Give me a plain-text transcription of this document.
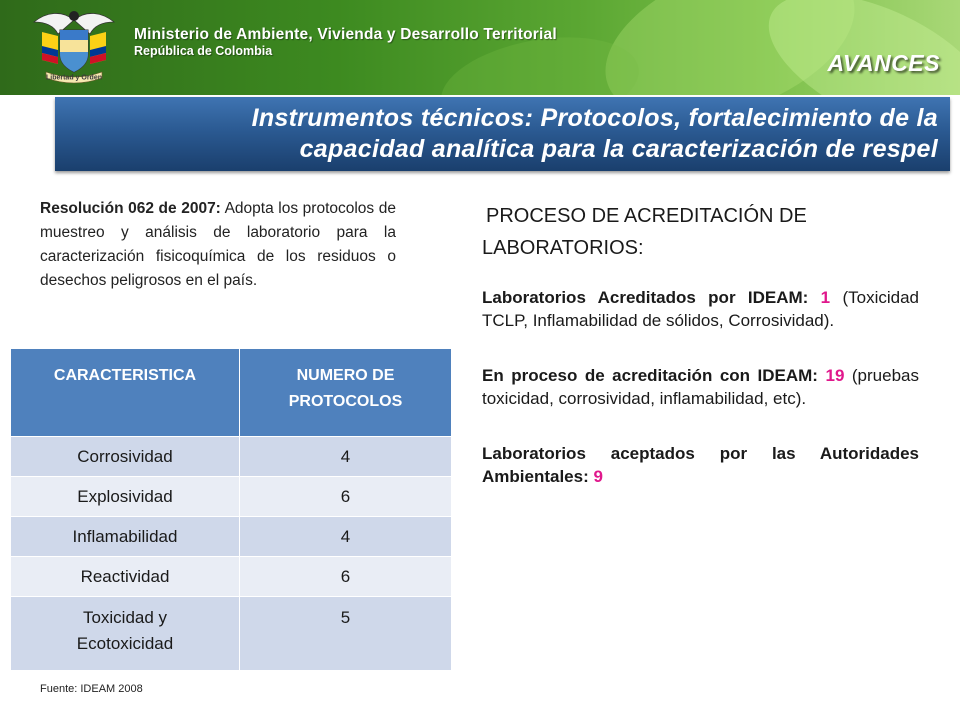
Libertad y Orden
Ministerio de Ambiente, Vivienda y Desarrollo Territorial
República de Colombia	AVANCES
Instrumentos técnicos: Protocolos, fortalecimiento de la
capacidad analítica para la caracterización de respel
Resolución 062 de 2007: Adopta los protocolos de muestreo y análisis de laboratorio para la caracterización fisicoquímica de los residuos o desechos peligrosos en el país.
CARACTERISTICA	NUMERO DE PROTOCOLOS
Corrosividad	4
Explosividad	6
Inflamabilidad	4
Reactividad	6
Toxicidad y Ecotoxicidad	5
Fuente: IDEAM 2008
PROCESO DE ACREDITACIÓN DE
LABORATORIOS:

Laboratorios Acreditados por IDEAM: 1 (Toxicidad TCLP, Inflamabilidad de sólidos, Corrosividad).

En proceso de acreditación con IDEAM: 19 (pruebas toxicidad, corrosividad, inflamabilidad, etc).

Laboratorios aceptados por las Autoridades Ambientales: 9
